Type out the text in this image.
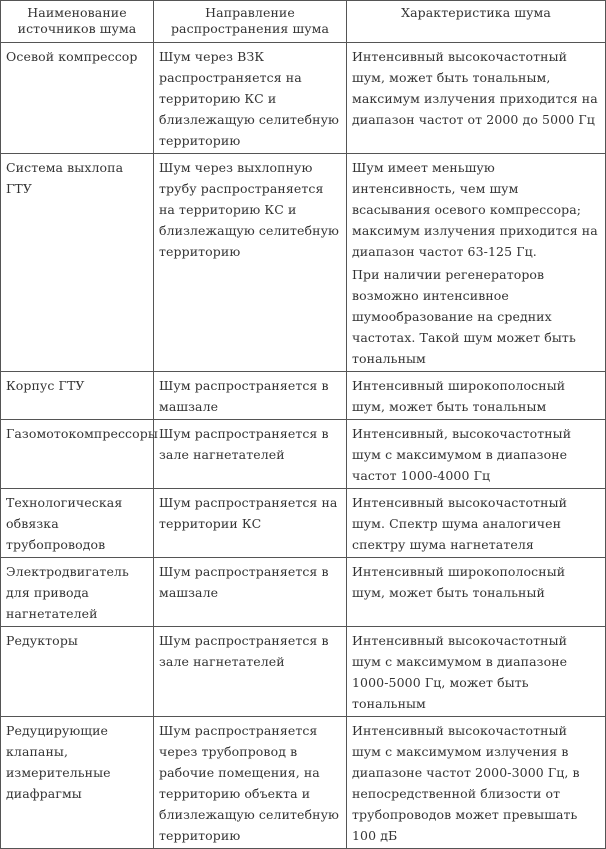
Наименование источников шума	Направление распространения шума	Характеристика шума
Осевой компрессор	Шум через ВЗК распространяется на территорию КС и близлежащую селитебную территорию	Интенсивный высокочастотный шум, может быть тональным, максимум излучения приходится на диапазон частот от 2000 до 5000 Гц

Система выхлопа ГТУ	Шум через выхлопную трубу распространяется на территорию КС и близлежащую селитебную территорию	Шум имеет меньшую интенсивность, чем шум всасывания осевого компрессора; максимум излучения приходится на диапазон частот 63-125 Гц.
При наличии регенераторов возможно интенсивное шумообразование на средних частотах. Такой шум может быть тональным

Корпус ГТУ	Шум распространяется в машзале	Интенсивный широкополосный шум, может быть тональным

Газомотокомпрессоры	Шум распространяется в зале нагнетателей	Интенсивный, высокочастотный шум с максимумом в диапазоне частот 1000-4000 Гц

Технологическая обвязка трубопроводов	Шум распространяется на территории КС	Интенсивный высокочастотный шум. Спектр шума аналогичен спектру шума нагнетателя

Электродвигатель для привода нагнетателей	Шум распространяется в машзале	Интенсивный широкополосный шум, может быть тональный

Редукторы	Шум распространяется в зале нагнетателей	Интенсивный высокочастотный шум с максимумом в диапазоне 1000-5000 Гц, может быть тональным

Редуцирующие клапаны, измерительные диафрагмы	Шум распространяется через трубопровод в рабочие помещения, на территорию объекта и близлежащую селитебную территорию	Интенсивный высокочастотный шум с максимумом излучения в диапазоне частот 2000-3000 Гц, в непосредственной близости от трубопроводов может превышать 100 дБ
